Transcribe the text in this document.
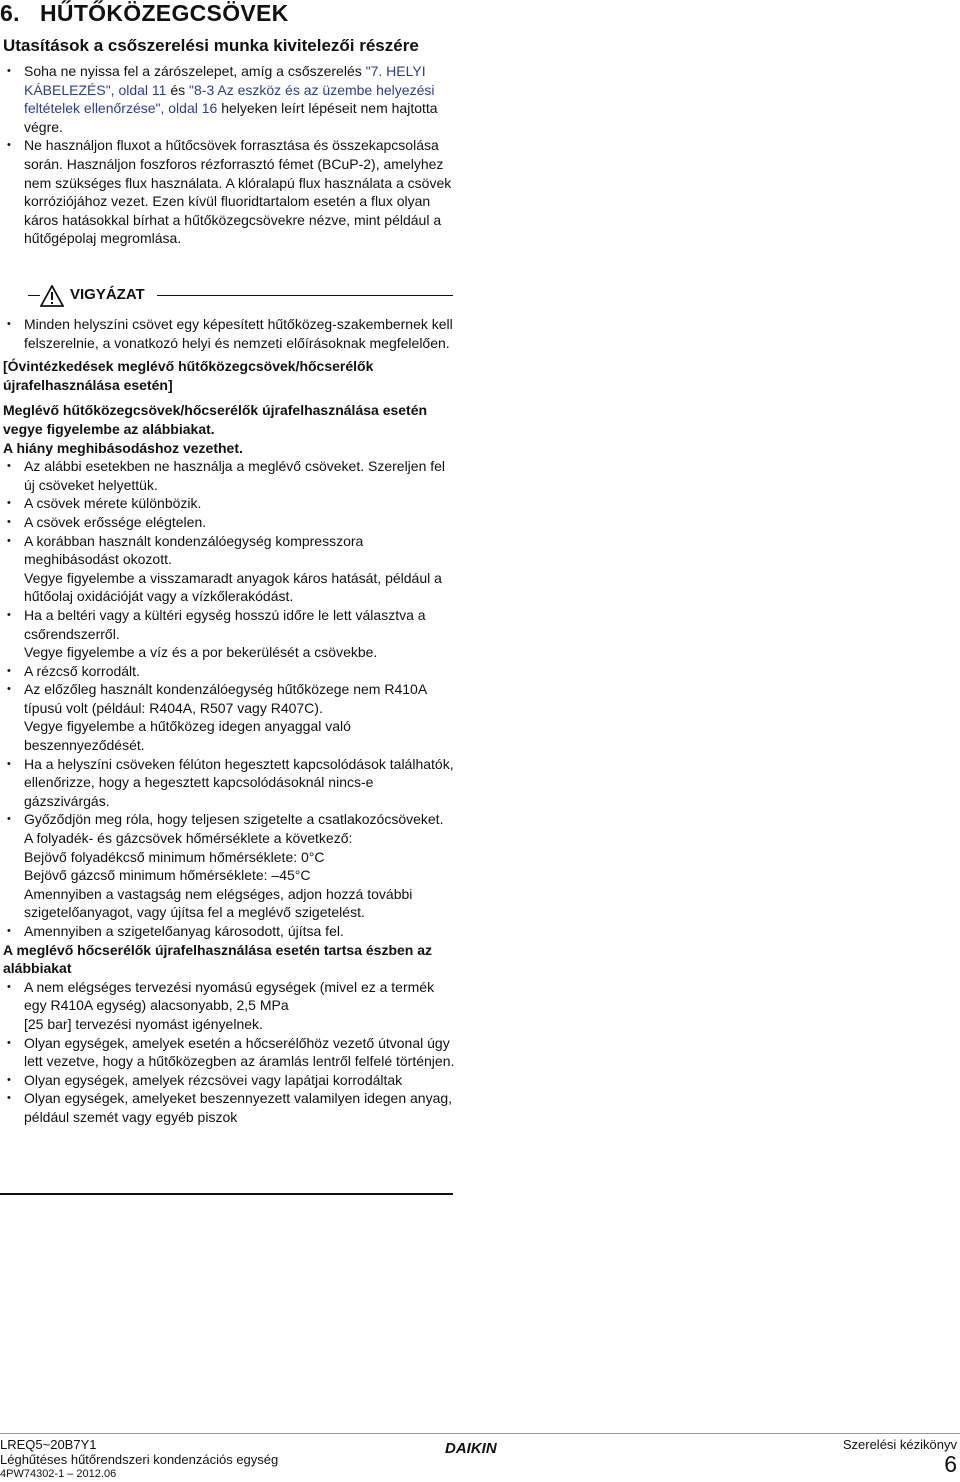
6. HŰTŐKÖZEGCSÖVEK
Utasítások a csőszerelési munka kivitelezői részére
• Soha ne nyissa fel a zárószelepet, amíg a csőszerelés "7. HELYI KÁBELEZÉS", oldal 11 és "8-3 Az eszköz és az üzembe helyezési feltételek ellenőrzése", oldal 16 helyeken leírt lépéseit nem hajtotta végre.
• Ne használjon fluxot a hűtőcsövek forrasztása és összekapcsolása során. Használjon foszforos rézforrasztó fémet (BCuP-2), amelyhez nem szükséges flux használata. A klóralapú flux használata a csövek korróziójához vezet. Ezen kívül fluoridtartalom esetén a flux olyan káros hatásokkal bírhat a hűtőközegcsövekre nézve, mint például a hűtőgépolaj megromlása.
VIGYÁZAT
• Minden helyszíni csövet egy képesített hűtőközeg-szakembernek kell felszerelnie, a vonatkozó helyi és nemzeti előírásoknak megfelelően.

[Óvintézkedések meglévő hűtőközegcsövek/hőcserélők újrafelhasználása esetén]

Meglévő hűtőközegcsövek/hőcserélők újrafelhasználása esetén vegye figyelembe az alábbiakat.

A hiány meghibásodáshoz vezethet.

• Az alábbi esetekben ne használja a meglévő csöveket. Szereljen fel új csöveket helyettük.
• A csövek mérete különbözik.
• A csövek erőssége elégtelen.
• A korábban használt kondenzálóegység kompresszora meghibásodást okozott.

Vegye figyelembe a visszamaradt anyagok káros hatását, például a hűtőolaj oxidációját vagy a vízkőlerakódást.

• Ha a beltéri vagy a kültéri egység hosszú időre le lett választva a csőrendszerről.

Vegye figyelembe a víz és a por bekerülését a csövekbe.

• A rézcső korrodált.
• Az előzőleg használt kondenzálóegység hűtőközege nem R410A típusú volt (például: R404A, R507 vagy R407C).

Vegye figyelembe a hűtőközeg idegen anyaggal való beszennyeződését.

• Ha a helyszíni csöveken félúton hegesztett kapcsolódások találhatók, ellenőrizze, hogy a hegesztett kapcsolódásoknál nincs-e gázszivárgás.
• Győződjön meg róla, hogy teljesen szigetelte a csatlakozócsöveket.

A folyadék- és gázcsövek hőmérséklete a következő:

Bejövő folyadékcső minimum hőmérséklete: 0°C

Bejövő gázcső minimum hőmérséklete: –45°C

Amennyiben a vastagság nem elégséges, adjon hozzá további szigetelőanyagot, vagy újítsa fel a meglévő szigetelést.

• Amennyiben a szigetelőanyag károsodott, újítsa fel.

A meglévő hőcserélők újrafelhasználása esetén tartsa észben az alábbiakat

• A nem elégséges tervezési nyomású egységek (mivel ez a termék egy R410A egység) alacsonyabb, 2,5 MPa

[25 bar] tervezési nyomást igényelnek.

• Olyan egységek, amelyek esetén a hőcserélőhöz vezető útvonal úgy lett vezetve, hogy a hűtőközegben az áramlás lentről felfelé történjen.
• Olyan egységek, amelyek rézcsövei vagy lapátjai korrodáltak
• Olyan egységek, amelyeket beszennyezett valamilyen idegen anyag, például szemét vagy egyéb piszok
LREQ5~20B7Y1
Léghűtéses hűtőrendszeri kondenzációs egység
4PW74302-1 – 2012.06
DAIKIN	Szerelési kézikönyv
6
